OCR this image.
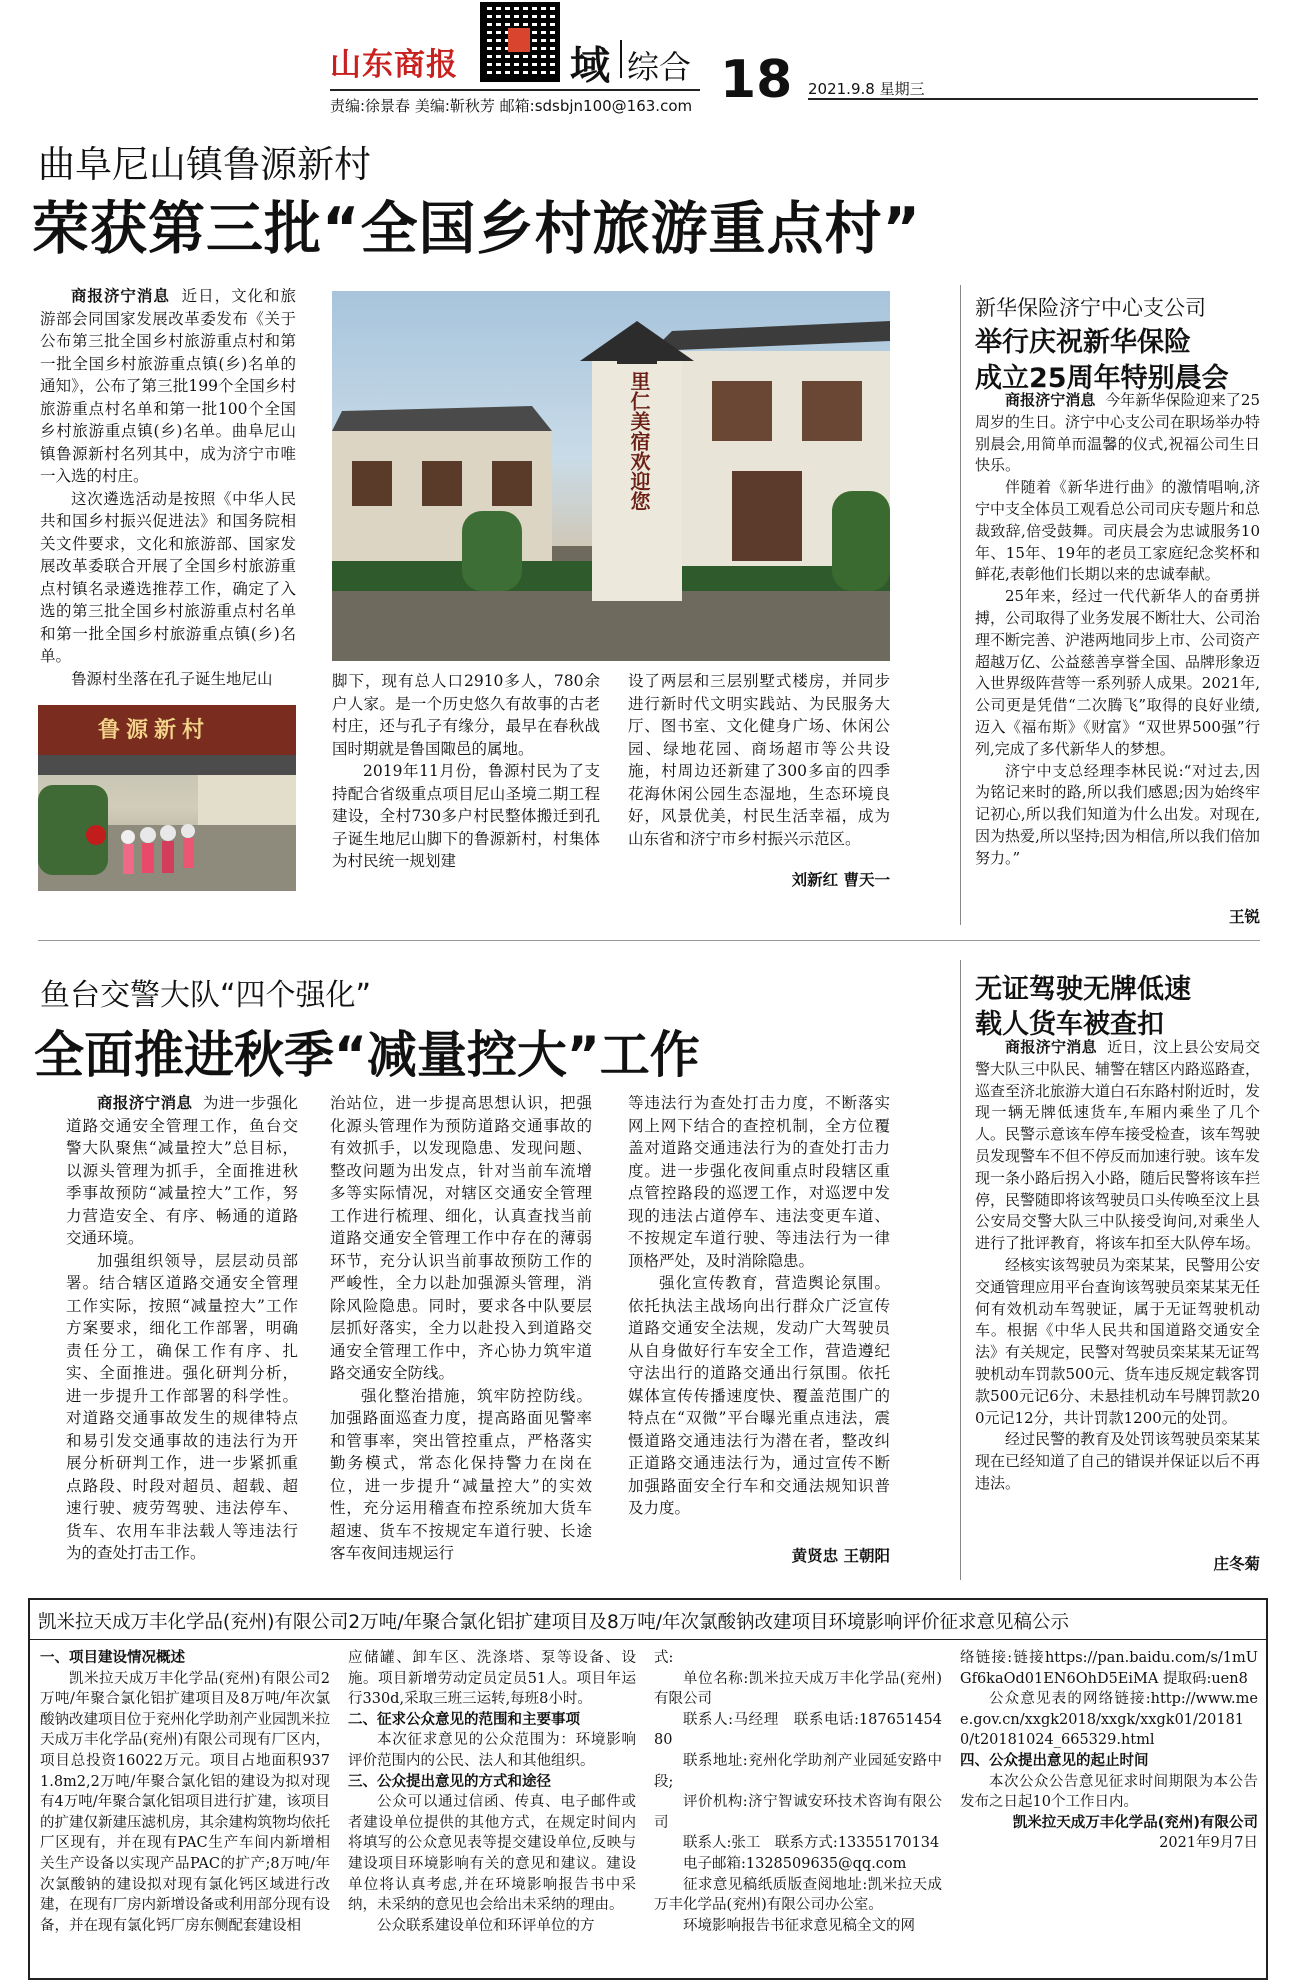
山东商报	域 综合 18 2021.9.8 星期三
责编:徐景春 美编:靳秋芳 邮箱:sdsbjn100@163.com
曲阜尼山镇鲁源新村
荣获第三批“全国乡村旅游重点村”

商报济宁消息 近日，文化和旅游部会同国家发展改革委发布《关于公布第三批全国乡村旅游重点村和第一批全国乡村旅游重点镇(乡)名单的通知》，公布了第三批199个全国乡村旅游重点村名单和第一批100个全国乡村旅游重点镇(乡)名单。曲阜尼山镇鲁源新村名列其中，成为济宁市唯一入选的村庄。

这次遴选活动是按照《中华人民共和国乡村振兴促进法》和国务院相关文件要求，文化和旅游部、国家发展改革委联合开展了全国乡村旅游重点村镇名录遴选推荐工作，确定了入选的第三批全国乡村旅游重点村名单和第一批全国乡村旅游重点镇(乡)名单。

鲁源村坐落在孔子诞生地尼山

里仁美宿欢迎您
鲁源新村

脚下，现有总人口2910多人，780余户人家。是一个历史悠久有故事的古老村庄，还与孔子有缘分，最早在春秋战国时期就是鲁国陬邑的属地。

2019年11月份，鲁源村民为了支持配合省级重点项目尼山圣境二期工程建设，全村730多户村民整体搬迁到孔子诞生地尼山脚下的鲁源新村，村集体为村民统一规划建

设了两层和三层别墅式楼房，并同步进行新时代文明实践站、为民服务大厅、图书室、文化健身广场、休闲公园、绿地花园、商场超市等公共设施，村周边还新建了300多亩的四季花海休闲公园生态湿地，生态环境良好，风景优美，村民生活幸福，成为山东省和济宁市乡村振兴示范区。

刘新红 曹天一
新华保险济宁中心支公司
举行庆祝新华保险
成立25周年特别晨会

商报济宁消息 今年新华保险迎来了25周岁的生日。济宁中心支公司在职场举办特别晨会,用简单而温馨的仪式,祝福公司生日快乐。

伴随着《新华进行曲》的激情唱响,济宁中支全体员工观看总公司司庆专题片和总裁致辞,倍受鼓舞。司庆晨会为忠诚服务10年、15年、19年的老员工家庭纪念奖杯和鲜花,表彰他们长期以来的忠诚奉献。

25年来，经过一代代新华人的奋勇拼搏，公司取得了业务发展不断壮大、公司治理不断完善、沪港两地同步上市、公司资产超越万亿、公益慈善享誉全国、品牌形象迈入世界级阵营等一系列骄人成果。2021年,公司更是凭借“二次腾飞”取得的良好业绩,迈入《福布斯》《财富》“双世界500强”行列,完成了多代新华人的梦想。

济宁中支总经理李林民说:“对过去,因为铭记来时的路,所以我们感恩;因为始终牢记初心,所以我们知道为什么出发。对现在,因为热爱,所以坚持;因为相信,所以我们倍加努力。”

王锐
鱼台交警大队“四个强化”
全面推进秋季“减量控大”工作

商报济宁消息 为进一步强化道路交通安全管理工作，鱼台交警大队聚焦“减量控大”总目标，以源头管理为抓手，全面推进秋季事故预防“减量控大”工作，努力营造安全、有序、畅通的道路交通环境。

加强组织领导，层层动员部署。结合辖区道路交通安全管理工作实际，按照“减量控大”工作方案要求，细化工作部署，明确责任分工，确保工作有序、扎实、全面推进。强化研判分析，进一步提升工作部署的科学性。对道路交通事故发生的规律特点和易引发交通事故的违法行为开展分析研判工作，进一步紧抓重点路段、时段对超员、超载、超速行驶、疲劳驾驶、违法停车、货车、农用车非法载人等违法行为的查处打击工作。

治站位，进一步提高思想认识，把强化源头管理作为预防道路交通事故的有效抓手，以发现隐患、发现问题、整改问题为出发点，针对当前车流增多等实际情况，对辖区交通安全管理工作进行梳理、细化，认真查找当前道路交通安全管理工作中存在的薄弱环节，充分认识当前事故预防工作的严峻性，全力以赴加强源头管理，消除风险隐患。同时，要求各中队要层层抓好落实，全力以赴投入到道路交通安全管理工作中，齐心协力筑牢道路交通安全防线。

强化整治措施，筑牢防控防线。加强路面巡查力度，提高路面见警率和管事率，突出管控重点，严格落实勤务模式，常态化保持警力在岗在位，进一步提升“减量控大”的实效性，充分运用稽查布控系统加大货车超速、货车不按规定车道行驶、长途客车夜间违规运行

等违法行为查处打击力度，不断落实网上网下结合的查控机制，全方位覆盖对道路交通违法行为的查处打击力度。进一步强化夜间重点时段辖区重点管控路段的巡逻工作，对巡逻中发现的违法占道停车、违法变更车道、不按规定车道行驶、等违法行为一律顶格严处，及时消除隐患。

强化宣传教育，营造舆论氛围。依托执法主战场向出行群众广泛宣传道路交通安全法规，发动广大驾驶员从自身做好行车安全工作，营造遵纪守法出行的道路交通出行氛围。依托媒体宣传传播速度快、覆盖范围广的特点在“双微”平台曝光重点违法，震慑道路交通违法行为潜在者，整改纠正道路交通违法行为，通过宣传不断加强路面安全行车和交通法规知识普及力度。

黄贤忠 王朝阳
无证驾驶无牌低速
载人货车被查扣

商报济宁消息 近日，汶上县公安局交警大队三中队民、辅警在辖区内路巡路查，巡查至济北旅游大道白石东路村附近时，发现一辆无牌低速货车,车厢内乘坐了几个人。民警示意该车停车接受检查，该车驾驶员发现警车不但不停反而加速行驶。该车发现一条小路后拐入小路，随后民警将该车拦停，民警随即将该驾驶员口头传唤至汶上县公安局交警大队三中队接受询问,对乘坐人进行了批评教育，将该车扣至大队停车场。

经核实该驾驶员为栾某某，民警用公安交通管理应用平台查询该驾驶员栾某某无任何有效机动车驾驶证，属于无证驾驶机动车。根据《中华人民共和国道路交通安全法》有关规定，民警对驾驶员栾某某无证驾驶机动车罚款500元、货车违反规定载客罚款500元记6分、未悬挂机动车号牌罚款200元记12分，共计罚款1200元的处罚。

经过民警的教育及处罚该驾驶员栾某某现在已经知道了自己的错误并保证以后不再违法。

庄冬菊
凯米拉天成万丰化学品(兖州)有限公司2万吨/年聚合氯化铝扩建项目及8万吨/年次氯酸钠改建项目环境影响评价征求意见稿公示

一、项目建设情况概述

凯米拉天成万丰化学品(兖州)有限公司2万吨/年聚合氯化铝扩建项目及8万吨/年次氯酸钠改建项目位于兖州化学助剂产业园凯米拉天成万丰化学品(兖州)有限公司现有厂区内，项目总投资16022万元。项目占地面积9371.8m2,2万吨/年聚合氯化铝的建设为拟对现有4万吨/年聚合氯化铝项目进行扩建，该项目的扩建仅新建压滤机房，其余建构筑物均依托厂区现有，并在现有PAC生产车间内新增相关生产设备以实现产品PAC的扩产;8万吨/年次氯酸钠的建设拟对现有氯化钙区域进行改建，在现有厂房内新增设备或利用部分现有设备，并在现有氯化钙厂房东侧配套建设相

应储罐、卸车区、洗涤塔、泵等设备、设施。项目新增劳动定员定员51人。项目年运行330d,采取三班三运转,每班8小时。

二、征求公众意见的范围和主要事项

本次征求意见的公众范围为：环境影响评价范围内的公民、法人和其他组织。

三、公众提出意见的方式和途径

公众可以通过信函、传真、电子邮件或者建设单位提供的其他方式，在规定时间内将填写的公众意见表等提交建设单位,反映与建设项目环境影响有关的意见和建议。建设单位将认真考虑,并在环境影响报告书中采纳，未采纳的意见也会给出未采纳的理由。

公众联系建设单位和环评单位的方

式:

单位名称:凯米拉天成万丰化学品(兖州)有限公司

联系人:马经理　联系电话:18765145480

联系地址:兖州化学助剂产业园延安路中段;

评价机构:济宁智诚安环技术咨询有限公司

联系人:张工　联系方式:13355170134

电子邮箱:1328509635@qq.com

征求意见稿纸质版查阅地址:凯米拉天成万丰化学品(兖州)有限公司办公室。

环境影响报告书征求意见稿全文的网

络链接:链接https://pan.baidu.com/s/1mUGf6kaOd01EN6OhD5EiMA 提取码:uen8

公众意见表的网络链接:http://www.mee.gov.cn/xxgk2018/xxgk/xxgk01/201810/t20181024_665329.html

四、公众提出意见的起止时间

本次公众公告意见征求时间期限为本公告发布之日起10个工作日内。

凯米拉天成万丰化学品(兖州)有限公司

2021年9月7日
